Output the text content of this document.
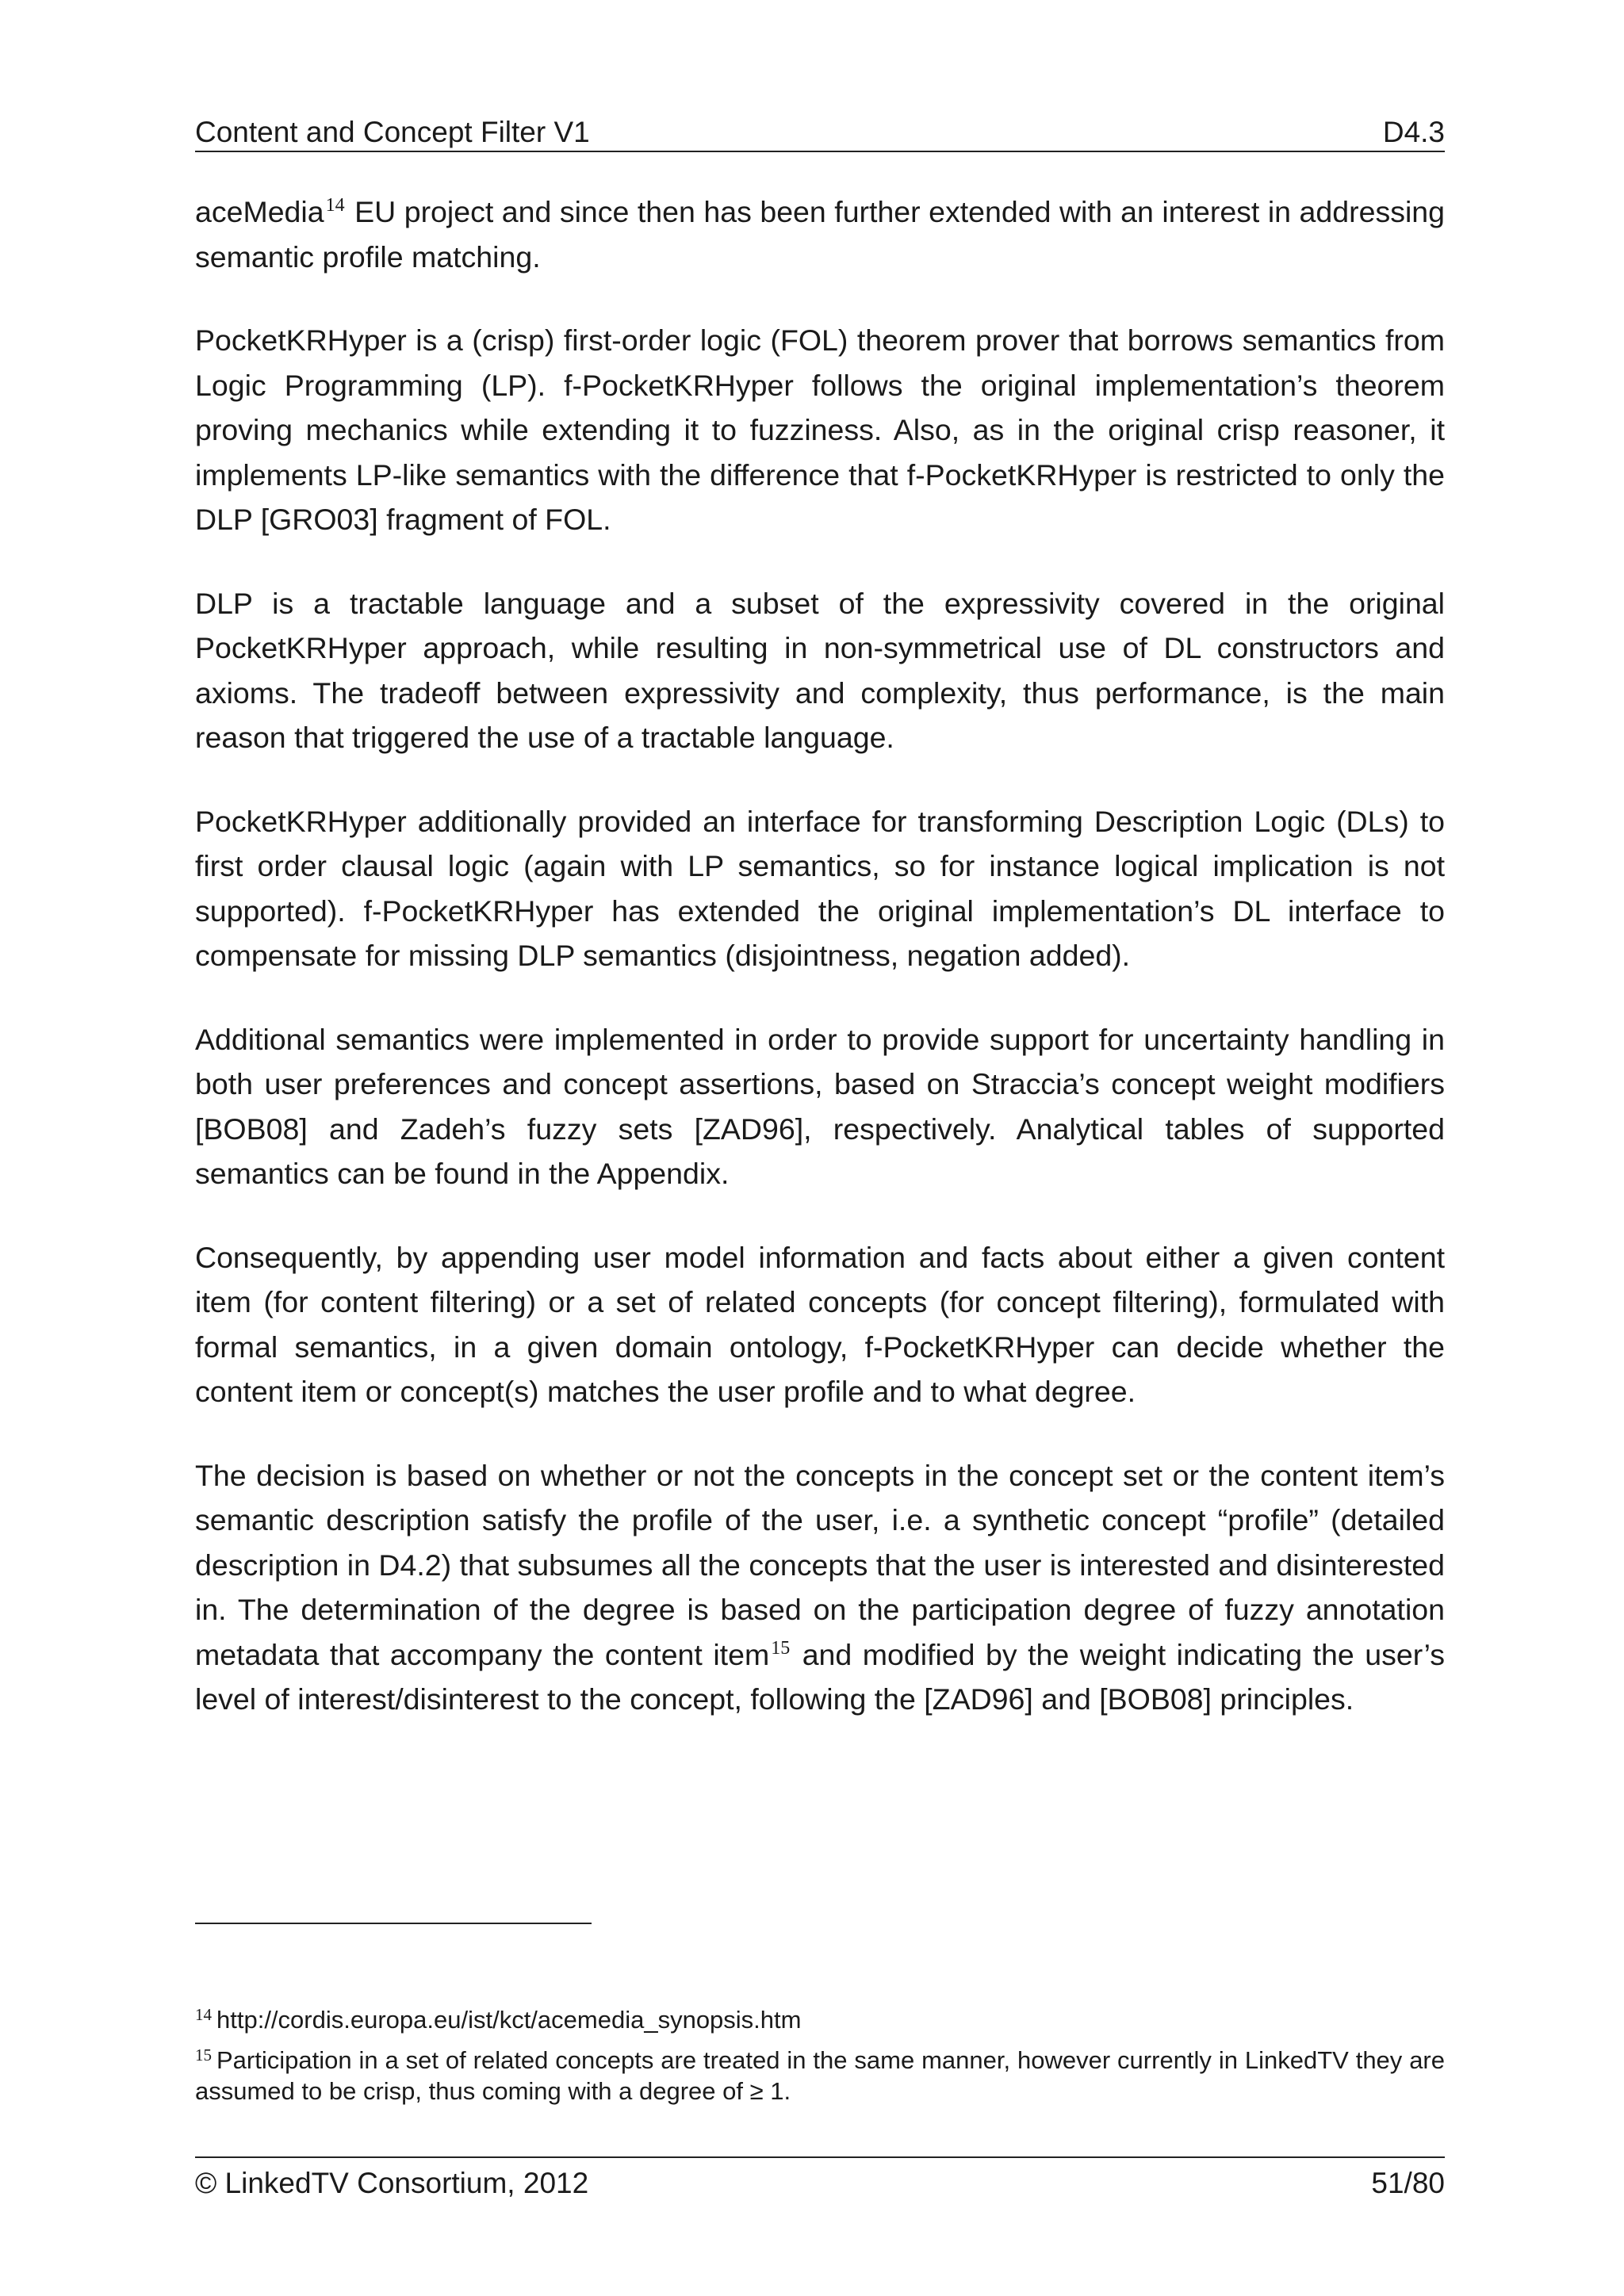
Content and Concept Filter V1	D4.3

aceMedia$^{14}$ EU project and since then has been further extended with an interest in addressing semantic profile matching.

PocketKRHyper is a (crisp) first-order logic (FOL) theorem prover that borrows semantics from Logic Programming (LP). f-PocketKRHyper follows the original implementation’s theorem proving mechanics while extending it to fuzziness. Also, as in the original crisp reasoner, it implements LP-like semantics with the difference that f-PocketKRHyper is restricted to only the DLP [GRO03] fragment of FOL.

DLP is a tractable language and a subset of the expressivity covered in the original PocketKRHyper approach, while resulting in non-symmetrical use of DL constructors and axioms. The tradeoff between expressivity and complexity, thus performance, is the main reason that triggered the use of a tractable language.

PocketKRHyper additionally provided an interface for transforming Description Logic (DLs) to first order clausal logic (again with LP semantics, so for instance logical implication is not supported). f-PocketKRHyper has extended the original implementation’s DL interface to compensate for missing DLP semantics (disjointness, negation added).

Additional semantics were implemented in order to provide support for uncertainty handling in both user preferences and concept assertions, based on Straccia’s concept weight modifiers [BOB08] and Zadeh’s fuzzy sets [ZAD96], respectively. Analytical tables of supported semantics can be found in the Appendix.

Consequently, by appending user model information and facts about either a given content item (for content filtering) or a set of related concepts (for concept filtering), formulated with formal semantics, in a given domain ontology, f-PocketKRHyper can decide whether the content item or concept(s) matches the user profile and to what degree.

The decision is based on whether or not the concepts in the concept set or the content item’s semantic description satisfy the profile of the user, i.e. a synthetic concept “profile” (detailed description in D4.2) that subsumes all the concepts that the user is interested and disinterested in. The determination of the degree is based on the participation degree of fuzzy annotation metadata that accompany the content item$^{15}$ and modified by the weight indicating the user’s level of interest/disinterest to the concept, following the [ZAD96] and [BOB08] principles.

$^{14}$ http://cordis.europa.eu/ist/kct/acemedia_synopsis.htm
$^{15}$ Participation in a set of related concepts are treated in the same manner, however currently in LinkedTV they are assumed to be crisp, thus coming with a degree of ≥ 1.
© LinkedTV Consortium, 2012	51/80
